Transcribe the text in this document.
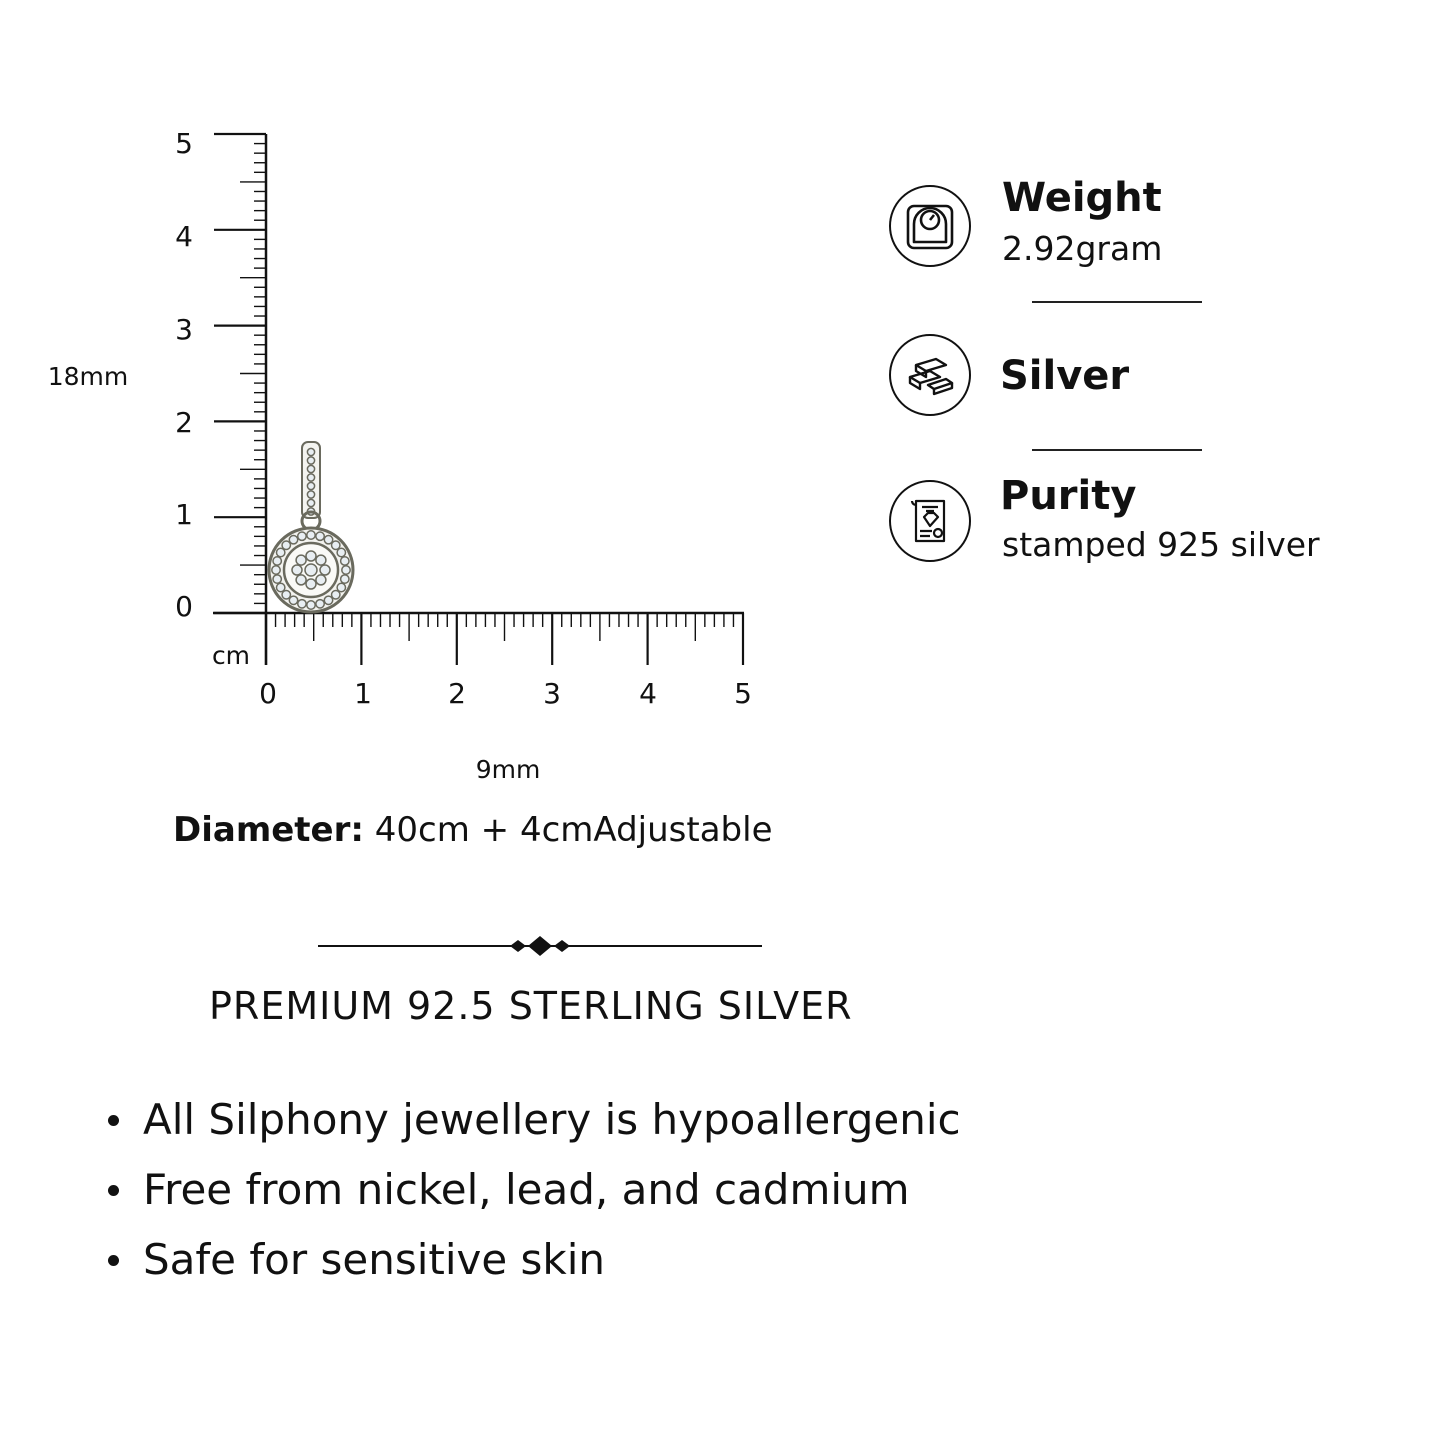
5
4
3
2
1
0
0	1	2	3	4	5
cm
18mm
9mm
Diameter: 40cm + 4cmAdjustable
Weight
2.92gram
Silver
Purity
stamped 925 silver
PREMIUM 92.5 STERLING SILVER
All Silphony jewellery is hypoallergenic
Free from nickel, lead, and cadmium
Safe for sensitive skin
